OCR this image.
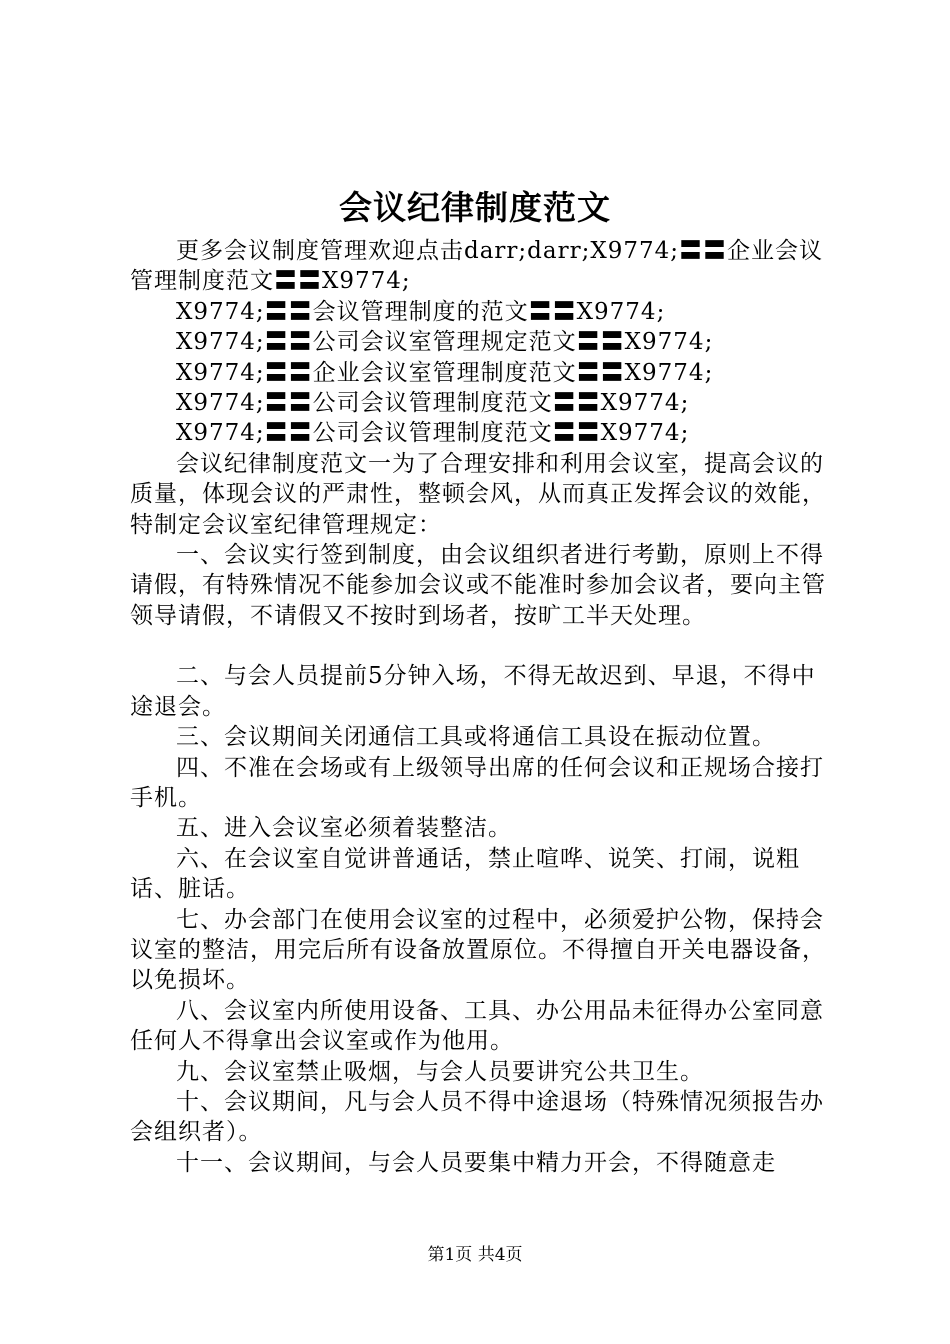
会议纪律制度范文

更多会议制度管理欢迎点击darr;darr;X9774;〓〓企业会议管理制度范文〓〓X9774;

X9774;〓〓会议管理制度的范文〓〓X9774;

X9774;〓〓公司会议室管理规定范文〓〓X9774;

X9774;〓〓企业会议室管理制度范文〓〓X9774;

X9774;〓〓公司会议管理制度范文〓〓X9774;

X9774;〓〓公司会议管理制度范文〓〓X9774;

会议纪律制度范文一为了合理安排和利用会议室，提高会议的质量，体现会议的严肃性，整顿会风，从而真正发挥会议的效能，特制定会议室纪律管理规定：

一、会议实行签到制度，由会议组织者进行考勤，原则上不得请假，有特殊情况不能参加会议或不能准时参加会议者，要向主管领导请假，不请假又不按时到场者，按旷工半天处理。

二、与会人员提前5分钟入场，不得无故迟到、早退，不得中途退会。

三、会议期间关闭通信工具或将通信工具设在振动位置。

四、不准在会场或有上级领导出席的任何会议和正规场合接打手机。

五、进入会议室必须着装整洁。

六、在会议室自觉讲普通话，禁止喧哗、说笑、打闹，说粗话、脏话。

七、办会部门在使用会议室的过程中，必须爱护公物，保持会议室的整洁，用完后所有设备放置原位。不得擅自开关电器设备，以免损坏。

八、会议室内所使用设备、工具、办公用品未征得办公室同意任何人不得拿出会议室或作为他用。

九、会议室禁止吸烟，与会人员要讲究公共卫生。

十、会议期间，凡与会人员不得中途退场（特殊情况须报告办会组织者）。

十一、会议期间，与会人员要集中精力开会，不得随意走

第1页 共4页
